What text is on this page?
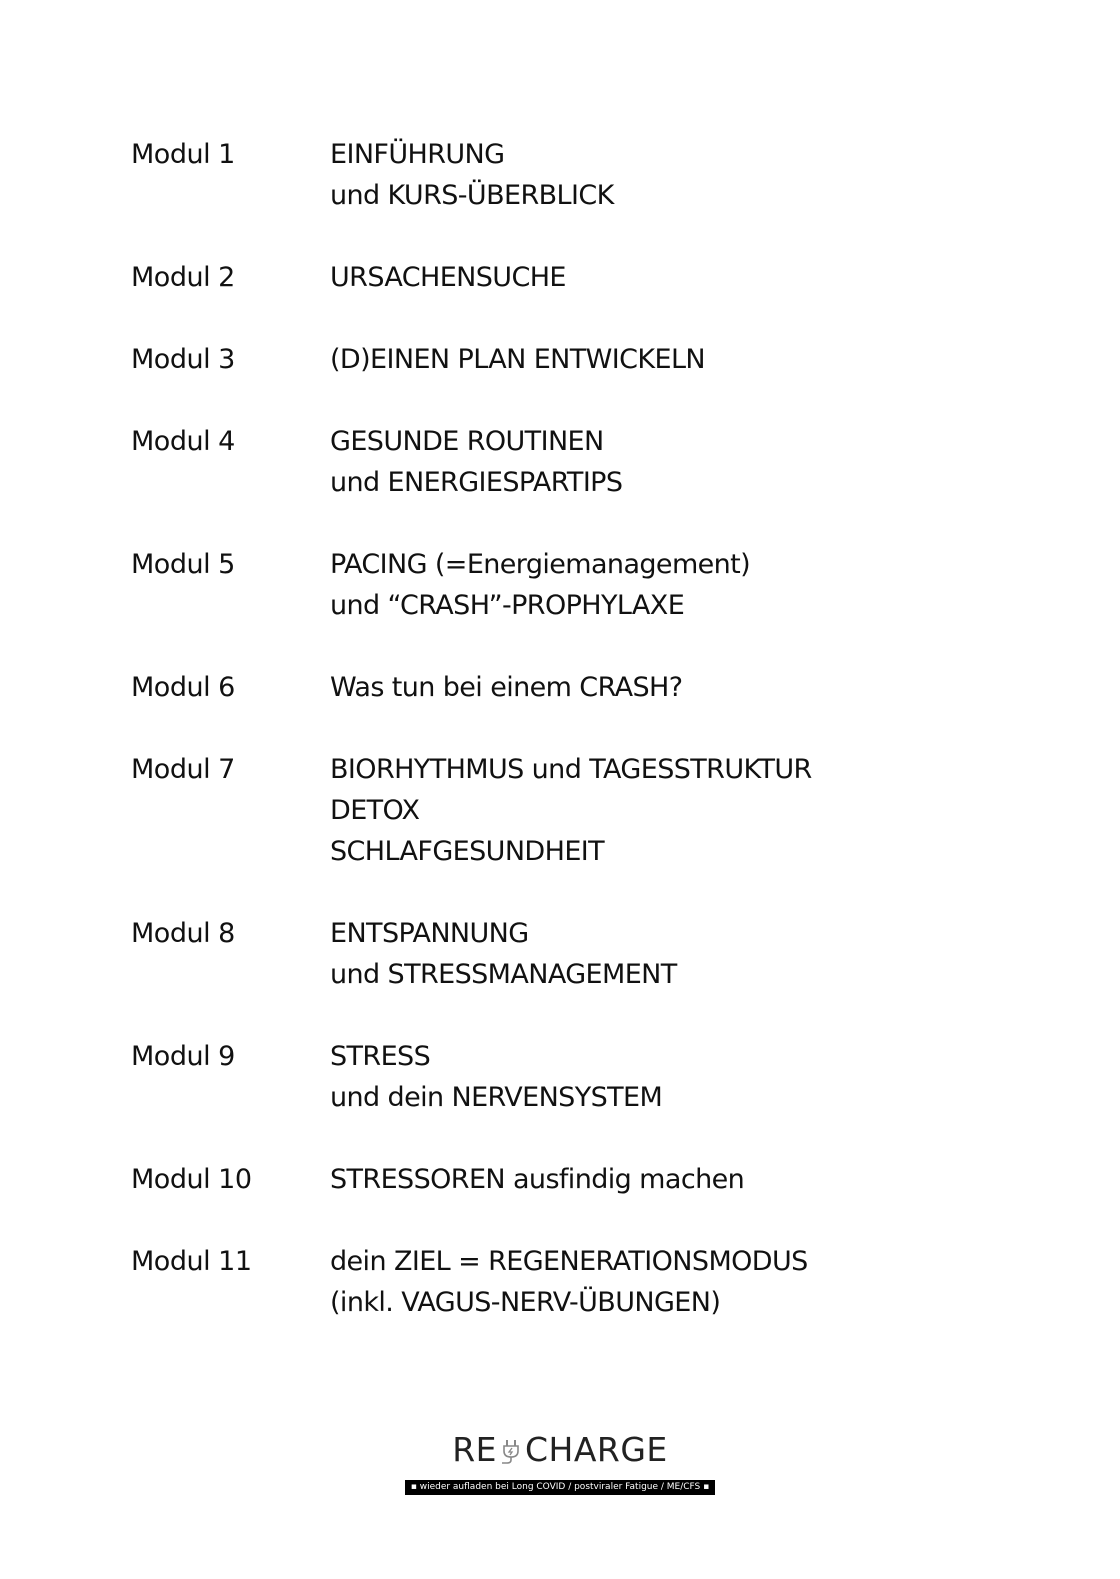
Modul 1	EINFÜHRUNG
und KURS-ÜBERBLICK
Modul 2	URSACHENSUCHE
Modul 3	(D)EINEN PLAN ENTWICKELN
Modul 4	GESUNDE ROUTINEN
und ENERGIESPARTIPS
Modul 5	PACING (=Energiemanagement)
und “CRASH”-PROPHYLAXE
Modul 6	Was tun bei einem CRASH?
Modul 7	BIORHYTHMUS und TAGESSTRUKTUR
DETOX
SCHLAFGESUNDHEIT
Modul 8	ENTSPANNUNG
und STRESSMANAGEMENT
Modul 9	STRESS
und dein NERVENSYSTEM
Modul 10	STRESSOREN ausfindig machen
Modul 11	dein ZIEL = REGENERATIONSMODUS
(inkl. VAGUS-NERV-ÜBUNGEN)
RE CHARGE
▪ wieder aufladen bei Long COVID / postviraler Fatigue / ME/CFS ▪
